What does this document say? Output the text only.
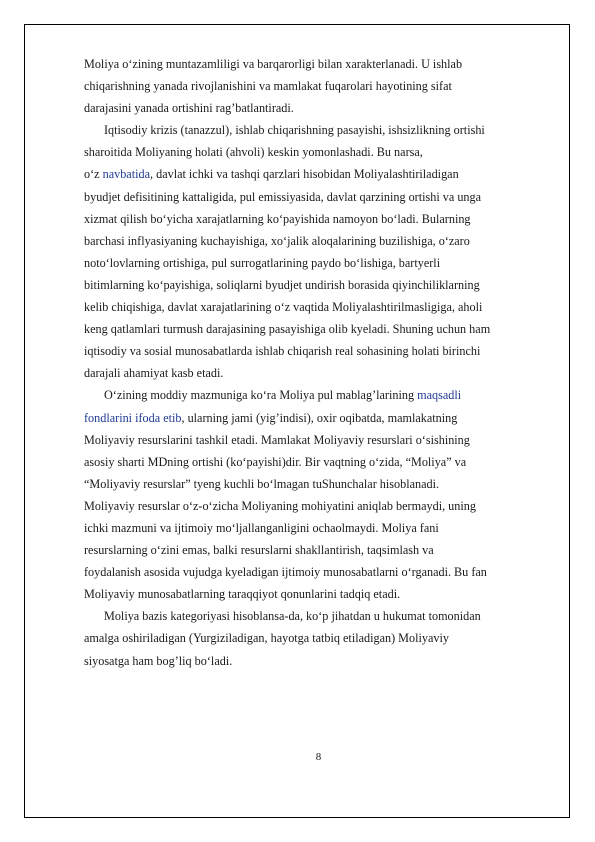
Moliya o‘zining muntazamliligi va barqarorligi bilan xarakterlanadi. U ishlab
chiqarishning yanada rivojlanishini va mamlakat fuqarolari hayotining sifat
darajasini yanada ortishini rag’batlantiradi.
Iqtisodiy krizis (tanazzul), ishlab chiqarishning pasayishi, ishsizlikning ortishi
sharoitida Moliyaning holati (ahvoli) keskin yomonlashadi. Bu narsa,
o‘z navbatida, davlat ichki va tashqi qarzlari hisobidan Moliyalashtiriladigan
byudjet defisitining kattaligida, pul emissiyasida, davlat qarzining ortishi va unga
xizmat qilish bo‘yicha xarajatlarning ko‘payishida namoyon bo‘ladi. Bularning
barchasi inflyasiyaning kuchayishiga, xo‘jalik aloqalarining buzilishiga, o‘zaro
noto‘lovlarning ortishiga, pul surrogatlarining paydo bo‘lishiga, bartyerli
bitimlarning ko‘payishiga, soliqlarni byudjet undirish borasida qiyinchiliklarning
kelib chiqishiga, davlat xarajatlarining o‘z vaqtida Moliyalashtirilmasligiga, aholi
keng qatlamlari turmush darajasining pasayishiga olib kyeladi. Shuning uchun ham
iqtisodiy va sosial munosabatlarda ishlab chiqarish real sohasining holati birinchi
darajali ahamiyat kasb etadi.
O‘zining moddiy mazmuniga ko‘ra Moliya pul mablag’larining maqsadli
fondlarini ifoda etib, ularning jami (yig’indisi), oxir oqibatda, mamlakatning
Moliyaviy resurslarini tashkil etadi. Mamlakat Moliyaviy resurslari o‘sishining
asosiy sharti MDning ortishi (ko‘payishi)dir. Bir vaqtning o‘zida, “Moliya” va
“Moliyaviy resurslar” tyeng kuchli bo‘lmagan tuShunchalar hisoblanadi.
Moliyaviy resurslar o‘z-o‘zicha Moliyaning mohiyatini aniqlab bermaydi, uning
ichki mazmuni va ijtimoiy mo‘ljallanganligini ochaolmaydi. Moliya fani
resurslarning o‘zini emas, balki resurslarni shakllantirish, taqsimlash va
foydalanish asosida vujudga kyeladigan ijtimoiy munosabatlarni o‘rganadi. Bu fan
Moliyaviy munosabatlarning taraqqiyot qonunlarini tadqiq etadi.
Moliya bazis kategoriyasi hisoblansa-da, ko‘p jihatdan u hukumat tomonidan
amalga oshiriladigan (Yurgiziladigan, hayotga tatbiq etiladigan) Moliyaviy
siyosatga ham bog’liq bo‘ladi.
8
